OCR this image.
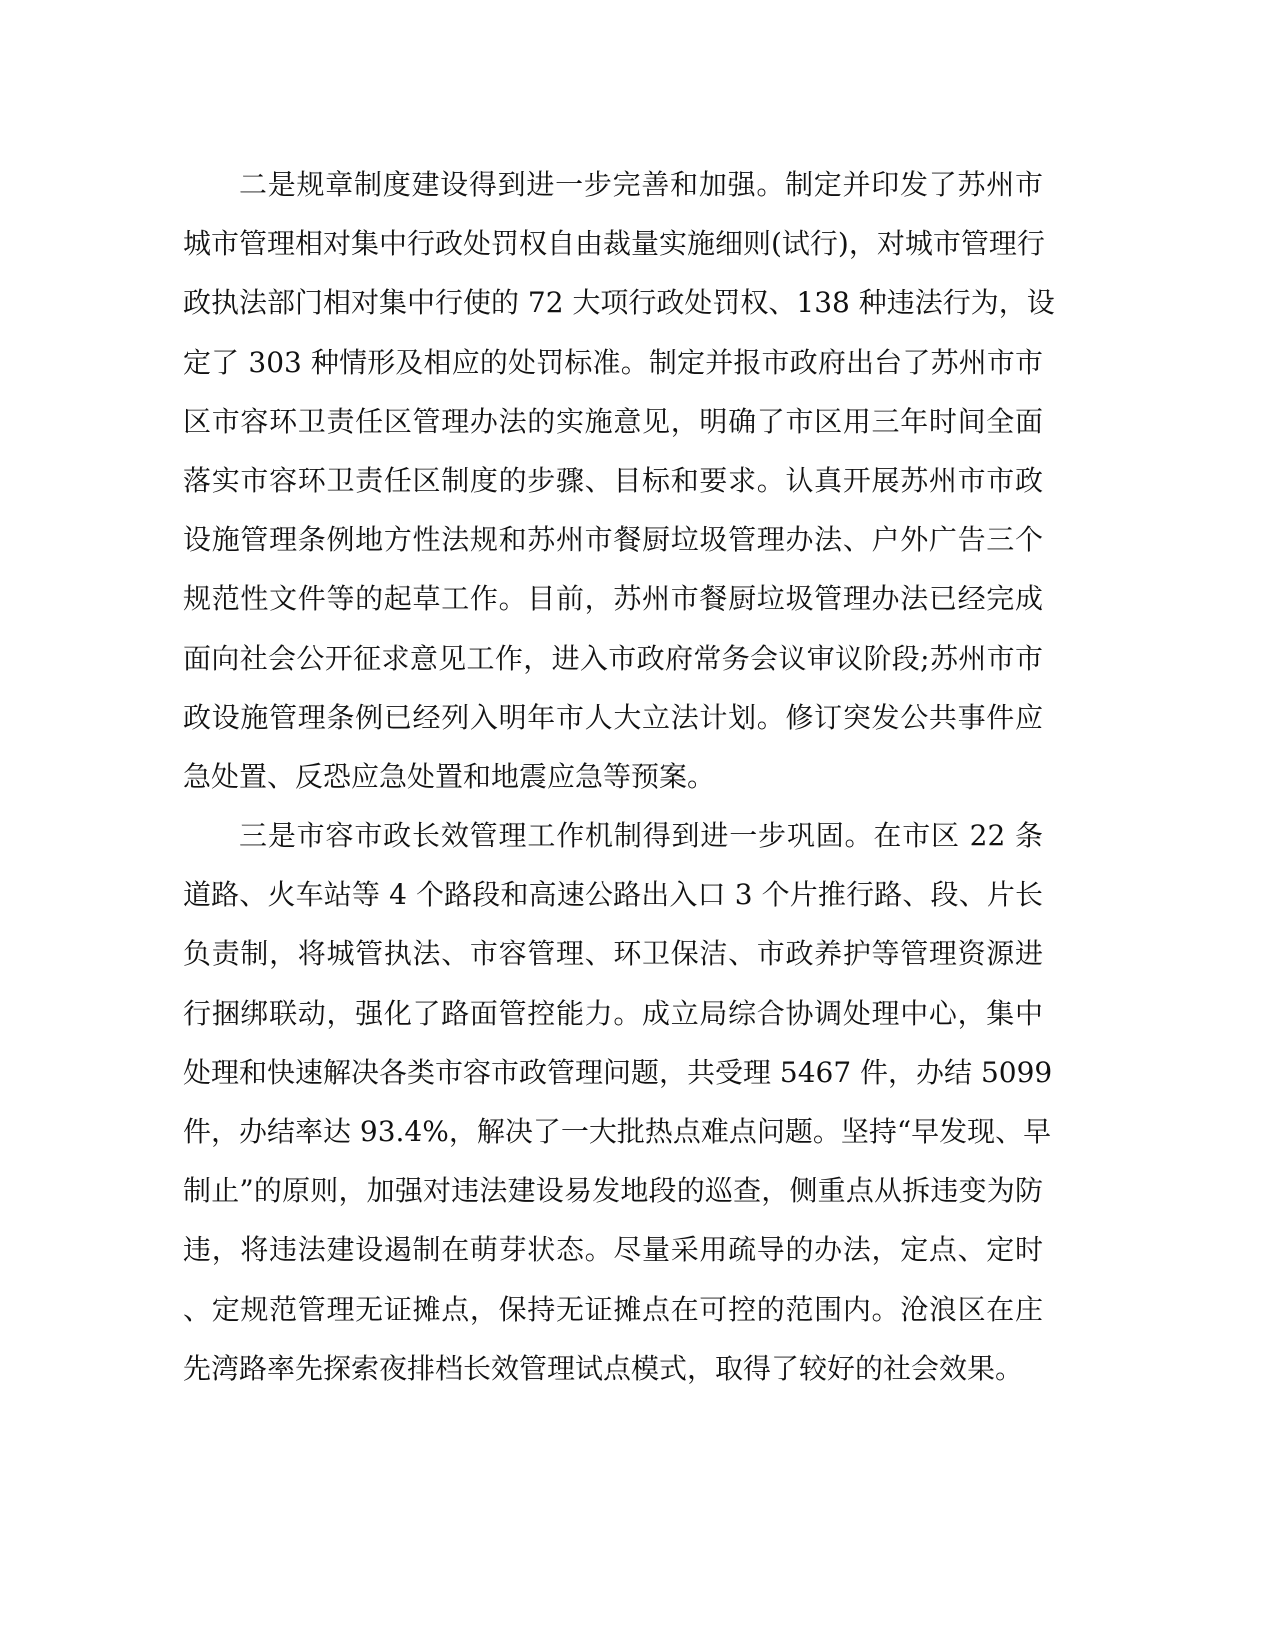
二是规章制度建设得到进一步完善和加强。制定并印发了苏州市
城市管理相对集中行政处罚权自由裁量实施细则(试行)，对城市管理行
政执法部门相对集中行使的 72 大项行政处罚权、138 种违法行为，设
定了 303 种情形及相应的处罚标准。制定并报市政府出台了苏州市市
区市容环卫责任区管理办法的实施意见，明确了市区用三年时间全面
落实市容环卫责任区制度的步骤、目标和要求。认真开展苏州市市政
设施管理条例地方性法规和苏州市餐厨垃圾管理办法、户外广告三个
规范性文件等的起草工作。目前，苏州市餐厨垃圾管理办法已经完成
面向社会公开征求意见工作，进入市政府常务会议审议阶段;苏州市市
政设施管理条例已经列入明年市人大立法计划。修订突发公共事件应
急处置、反恐应急处置和地震应急等预案。
三是市容市政长效管理工作机制得到进一步巩固。在市区 22 条
道路、火车站等 4 个路段和高速公路出入口 3 个片推行路、段、片长
负责制，将城管执法、市容管理、环卫保洁、市政养护等管理资源进
行捆绑联动，强化了路面管控能力。成立局综合协调处理中心，集中
处理和快速解决各类市容市政管理问题，共受理 5467 件，办结 5099
件，办结率达 93.4%，解决了一大批热点难点问题。坚持“早发现、早
制止”的原则，加强对违法建设易发地段的巡查，侧重点从拆违变为防
违，将违法建设遏制在萌芽状态。尽量采用疏导的办法，定点、定时
、定规范管理无证摊点，保持无证摊点在可控的范围内。沧浪区在庄
先湾路率先探索夜排档长效管理试点模式，取得了较好的社会效果。
